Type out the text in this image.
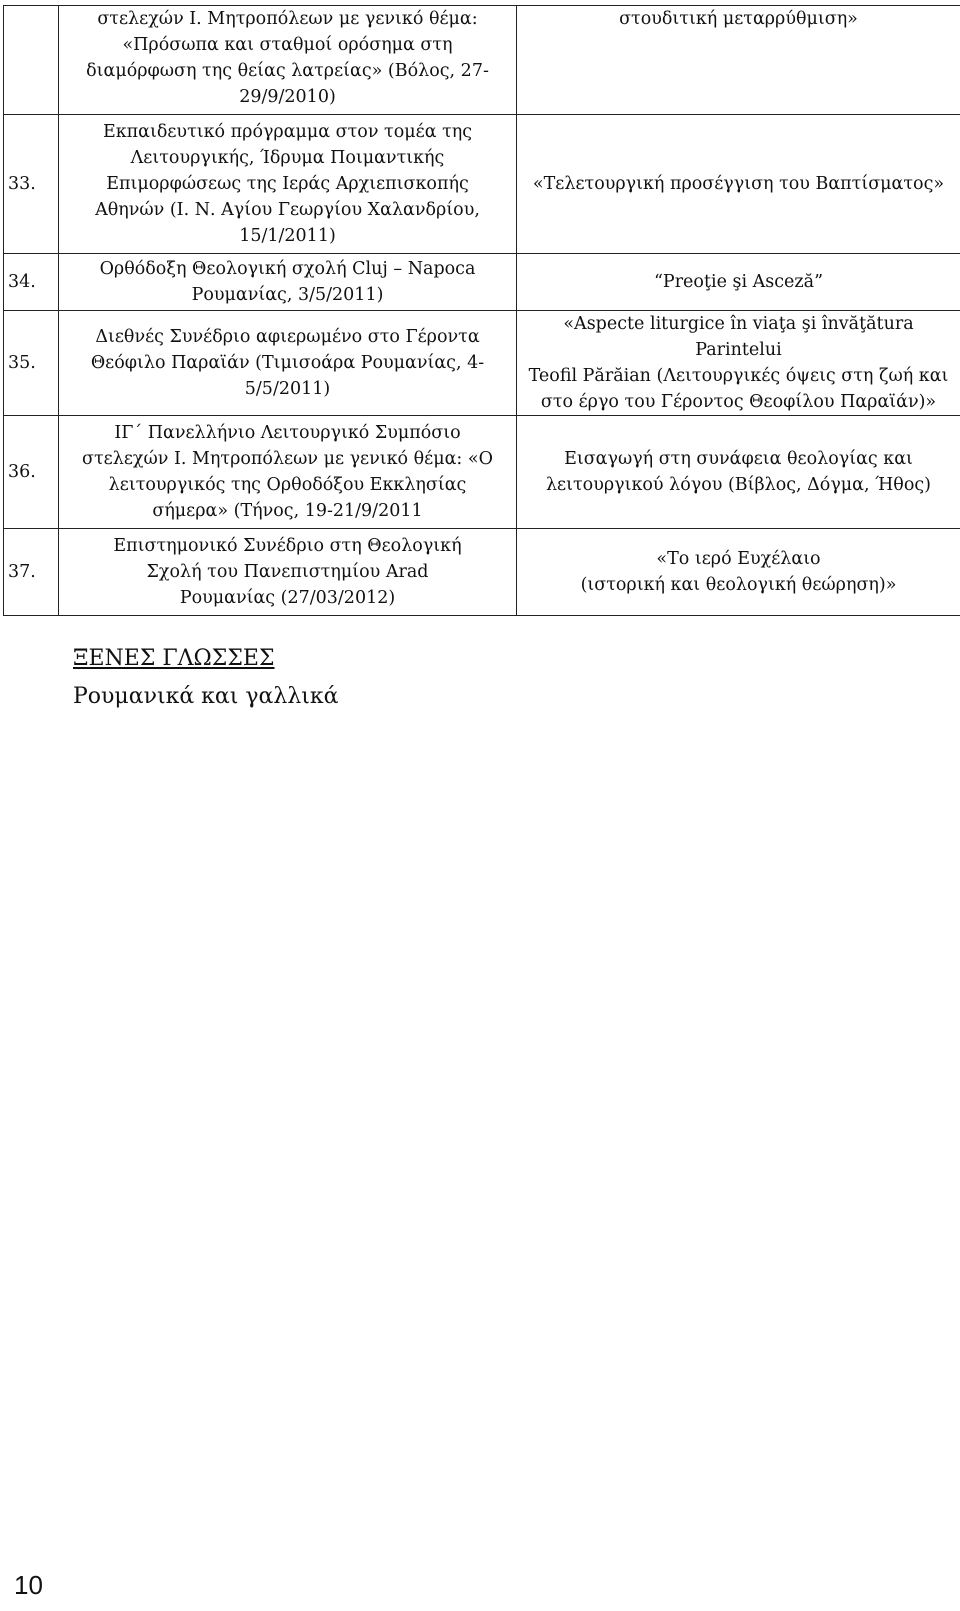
	στελεχών Ι. Μητροπόλεων με γενικό θέμα:
«Πρόσωπα και σταθμοί ορόσημα στη
διαμόρφωση της θείας λατρείας» (Βόλος, 27-
29/9/2010)	στουδιτική μεταρρύθμιση»

33.	Εκπαιδευτικό πρόγραμμα στον τομέα της
Λειτουργικής, Ίδρυμα Ποιμαντικής
Επιμορφώσεως της Ιεράς Αρχιεπισκοπής
Αθηνών (Ι. Ν. Αγίου Γεωργίου Χαλανδρίου,
15/1/2011)	«Τελετουργική προσέγγιση του Βαπτίσματος»

34.	Ορθόδοξη Θεολογική σχολή Cluj – Napoca
Ρουμανίας, 3/5/2011)	“Preoţie şi Asceză”

35.	Διεθνές Συνέδριο αφιερωμένο στο Γέροντα
Θεόφιλο Παραϊάν (Τιμισοάρα Ρουμανίας, 4-
5/5/2011)	«Aspecte liturgice în viaţa şi învăţătura Parintelui
Teofil Părăian (Λειτουργικές όψεις στη ζωή και
στο έργο του Γέροντος Θεοφίλου Παραϊάν)»

36.	ΙΓ΄ Πανελλήνιο Λειτουργικό Συμπόσιο
στελεχών Ι. Μητροπόλεων με γενικό θέμα: «Ο
λειτουργικός της Ορθοδόξου Εκκλησίας
σήμερα» (Τήνος, 19-21/9/2011	Εισαγωγή στη συνάφεια θεολογίας και
λειτουργικού λόγου (Βίβλος, Δόγμα, Ήθος)

37.	Επιστημονικό Συνέδριο στη Θεολογική
Σχολή του Πανεπιστημίου Arad
Ρουμανίας (27/03/2012)	«Το ιερό Ευχέλαιο
(ιστορική και θεολογική θεώρηση)»
ΞΕΝΕΣ ΓΛΩΣΣΕΣ
Ρουμανικά και γαλλικά
10
